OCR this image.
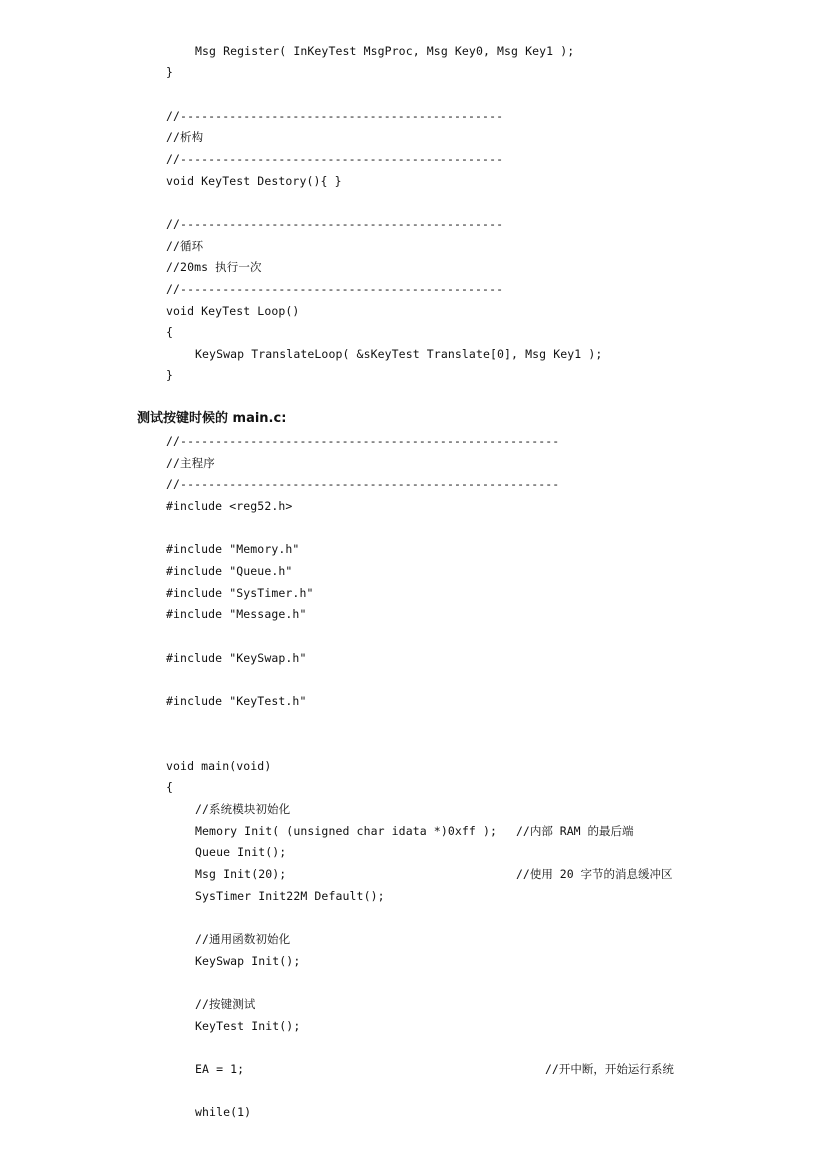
Msg Register( InKeyTest MsgProc, Msg Key0, Msg Key1 );
}
//----------------------------------------------
//析构
//----------------------------------------------
void KeyTest Destory(){ }
//----------------------------------------------
//循环
//20ms 执行一次
//----------------------------------------------
void KeyTest Loop()
{
KeySwap TranslateLoop( &sKeyTest Translate[0], Msg Key1 );
}
测试按键时候的 main.c:
//------------------------------------------------------
//主程序
//------------------------------------------------------
#include <reg52.h>
#include "Memory.h"
#include "Queue.h"
#include "SysTimer.h"
#include "Message.h"
#include "KeySwap.h"
#include "KeyTest.h"
void main(void)
{
//系统模块初始化
Memory Init( (unsigned char idata *)0xff ); //内部 RAM 的最后端
Queue Init();
Msg Init(20);	//使用 20 字节的消息缓冲区
SysTimer Init22M Default();
//通用函数初始化
KeySwap Init();
//按键测试
KeyTest Init();
EA = 1;	//开中断，开始运行系统
while(1)
